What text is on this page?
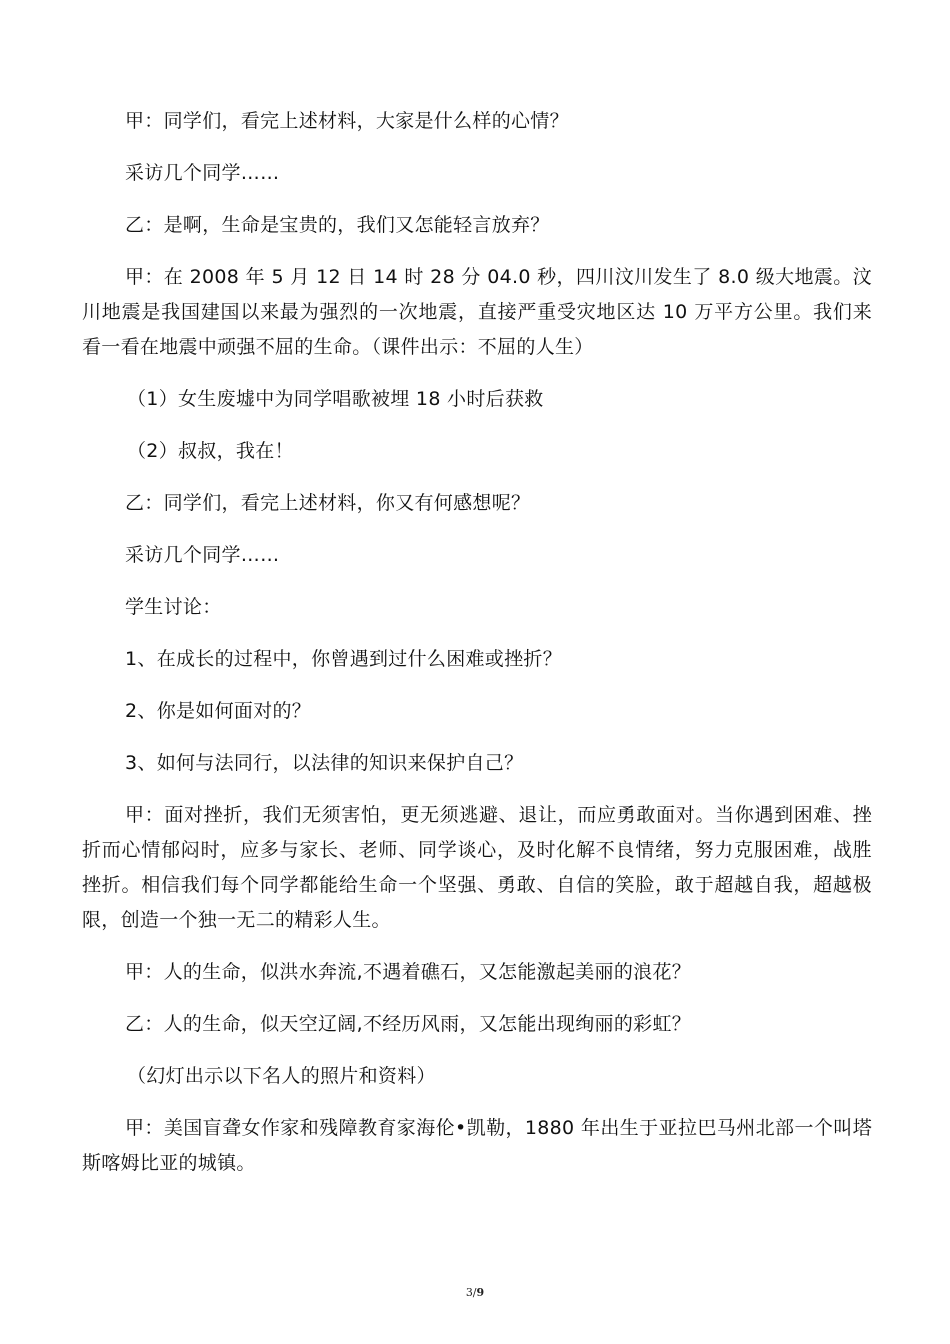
甲：同学们，看完上述材料，大家是什么样的心情？

采访几个同学……

乙：是啊，生命是宝贵的，我们又怎能轻言放弃？

甲：在 2008 年 5 月 12 日 14 时 28 分 04.0 秒，四川汶川发生了 8.0 级大地震。汶川地震是我国建国以来最为强烈的一次地震，直接严重受灾地区达 10 万平方公里。我们来看一看在地震中顽强不屈的生命。（课件出示：不屈的人生）

（1）女生废墟中为同学唱歌被埋 18 小时后获救

（2）叔叔，我在！

乙：同学们，看完上述材料，你又有何感想呢？

采访几个同学……

学生讨论：

1、在成长的过程中，你曾遇到过什么困难或挫折？

2、你是如何面对的？

3、如何与法同行，以法律的知识来保护自己？

甲：面对挫折，我们无须害怕，更无须逃避、退让，而应勇敢面对。当你遇到困难、挫折而心情郁闷时，应多与家长、老师、同学谈心，及时化解不良情绪，努力克服困难，战胜挫折。相信我们每个同学都能给生命一个坚强、勇敢、自信的笑脸，敢于超越自我，超越极限，创造一个独一无二的精彩人生。

甲：人的生命，似洪水奔流,不遇着礁石，又怎能激起美丽的浪花？

乙：人的生命，似天空辽阔,不经历风雨，又怎能出现绚丽的彩虹？

（幻灯出示以下名人的照片和资料）

甲：美国盲聋女作家和残障教育家海伦•凯勒，1880 年出生于亚拉巴马州北部一个叫塔斯喀姆比亚的城镇。

3/9
